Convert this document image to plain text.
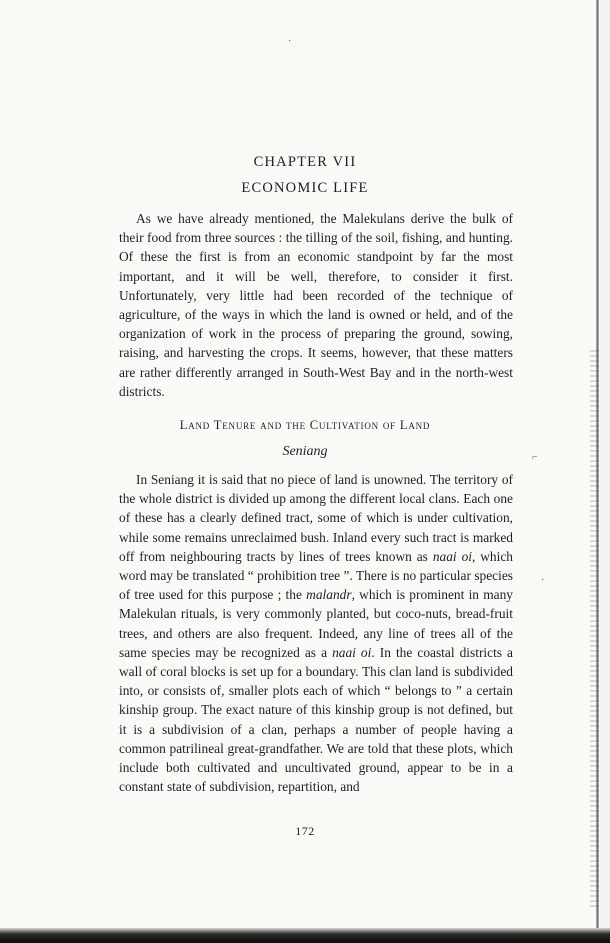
CHAPTER VII
ECONOMIC LIFE

As we have already mentioned, the Malekulans derive the bulk of their food from three sources : the tilling of the soil, fishing, and hunting. Of these the first is from an economic standpoint by far the most important, and it will be well, therefore, to consider it first. Unfortunately, very little had been recorded of the technique of agriculture, of the ways in which the land is owned or held, and of the organization of work in the process of preparing the ground, sowing, raising, and harvesting the crops. It seems, however, that these matters are rather differently arranged in South-West Bay and in the north-west districts.

Land Tenure and the Cultivation of Land
Seniang

In Seniang it is said that no piece of land is unowned. The territory of the whole district is divided up among the different local clans. Each one of these has a clearly defined tract, some of which is under cultivation, while some remains unreclaimed bush. Inland every such tract is marked off from neighbouring tracts by lines of trees known as naai oi, which word may be translated “ prohibition tree ”. There is no particular species of tree used for this purpose ; the malandr, which is prominent in many Malekulan rituals, is very commonly planted, but coco-nuts, bread-fruit trees, and others are also frequent. Indeed, any line of trees all of the same species may be recognized as a naai oi. In the coastal districts a wall of coral blocks is set up for a boundary. This clan land is subdivided into, or consists of, smaller plots each of which “ belongs to ” a certain kinship group. The exact nature of this kinship group is not defined, but it is a subdivision of a clan, perhaps a number of people having a common patrilineal great-grandfather. We are told that these plots, which include both cultivated and uncultivated ground, appear to be in a constant state of subdivision, repartition, and

172
·
⌐
·
